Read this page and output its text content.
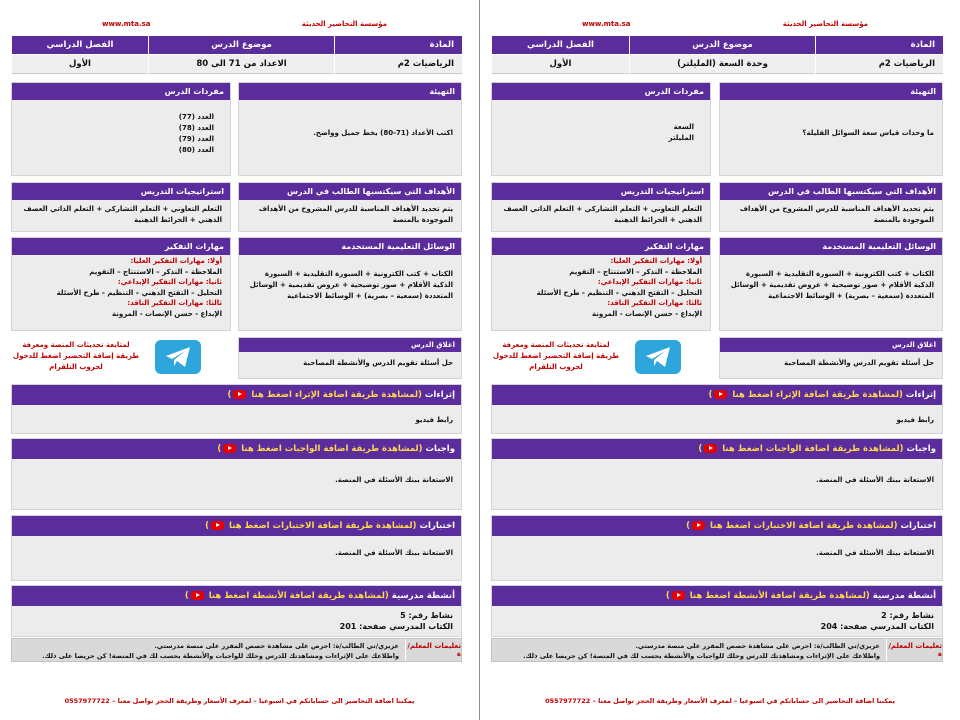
www.mta.sa	مؤسسة التحاضير الحديثة
المادة
موضوع الدرس
الفصل الدراسي
الرياضيات 2م
الاعداد من 71 الى 80
الأول
التهيئة
اكتب الأعداد (71-80) بخط جميل وواضح.
مفردات الدرس
العدد (77)
العدد (78)
العدد (79)
العدد (80)
الأهداف التي سيكتسبها الطالب في الدرس
يتم تحديد الأهداف المناسبة للدرس المشروح من الأهداف الموجودة بالمنصة
استراتيجيات التدريس
التعلم التعاوني + التعلم التشاركي + التعلم الذاتي العصف الذهني + الخرائط الذهنية
الوسائل التعليمية المستخدمة
الكتاب + كتب الكترونية + السبورة التقليدية + السبورة الذكية الأقلام + صور توضيحية + عروض تقديمية + الوسائل المتعددة (سمعية – بصرية) + الوسائط الاجتماعية
مهارات التفكير
أولا: مهارات التفكير العليا:
الملاحظة – التذكر – الاستنتاج – التقويم
ثانيا: مهارات التفكير الإبداعي:
التحليل – التفتح الذهني – التنظيم - طرح الأسئلة
ثالثا: مهارات التفكير الناقد:
الإبداع - حسن الإنصات - المرونة
اغلاق الدرس
حل أسئلة تقويم الدرس والأنشطة المصاحبة
لمتابعة تحديثات المنصة ومعرفة طريقة إضافة التحضير اضغط للدخول لجروب التلقرام
إثراءات (لمشاهدة طريقة اضافة الإثراء اضغط هنا )
رابط فيديو
واجبات (لمشاهدة طريقة اضافة الواجبات اضغط هنا )
الاستعانة ببنك الأسئلة في المنصة.
اختبارات (لمشاهدة طريقة اضافة الاختبارات اضغط هنا )
الاستعانة ببنك الأسئلة في المنصة.
أنشطة مدرسية (لمشاهدة طريقة اضافة الأنشطة اضغط هنا )
نشاط رقم: 5
الكتاب المدرسي صفحة: 201
تعليمات المعلم/ة
عزيزي/تي الطالب/ة: احرص على مشاهدة حصص المقرر على منصة مدرستي.
واطلاعك على الإثراءات ومشاهدتك للدرس وحلك للواجبات والأنشطة يحسب لك في المنصة! كن حريصا على ذلك.
يمكننا اضافة التحاضير الى حساباتكم في اسبوعيا – لمعرف الأسعار وطريقة الحجز تواصل معنا – 0557977722
www.mta.sa	مؤسسة التحاضير الحديثة
المادة
موضوع الدرس
الفصل الدراسي
الرياضيات 2م
وحدة السعة (المليلتر)
الأول
التهيئة
ما وحدات قياس سعة السوائل القليلة؟
مفردات الدرس
السعة
المليلتر
الأهداف التي سيكتسبها الطالب في الدرس
يتم تحديد الأهداف المناسبة للدرس المشروح من الأهداف الموجودة بالمنصة
استراتيجيات التدريس
التعلم التعاوني + التعلم التشاركي + التعلم الذاتي العصف الذهني + الخرائط الذهنية
الوسائل التعليمية المستخدمة
الكتاب + كتب الكترونية + السبورة التقليدية + السبورة الذكية الأقلام + صور توضيحية + عروض تقديمية + الوسائل المتعددة (سمعية – بصرية) + الوسائط الاجتماعية
مهارات التفكير
أولا: مهارات التفكير العليا:
الملاحظة – التذكر – الاستنتاج – التقويم
ثانيا: مهارات التفكير الإبداعي:
التحليل – التفتح الذهني – التنظيم - طرح الأسئلة
ثالثا: مهارات التفكير الناقد:
الإبداع - حسن الإنصات - المرونة
اغلاق الدرس
حل أسئلة تقويم الدرس والأنشطة المصاحبة
لمتابعة تحديثات المنصة ومعرفة طريقة إضافة التحضير اضغط للدخول لجروب التلقرام
إثراءات (لمشاهدة طريقة اضافة الإثراء اضغط هنا )
رابط فيديو
واجبات (لمشاهدة طريقة اضافة الواجبات اضغط هنا )
الاستعانة ببنك الأسئلة في المنصة.
اختبارات (لمشاهدة طريقة اضافة الاختبارات اضغط هنا )
الاستعانة ببنك الأسئلة في المنصة.
أنشطة مدرسية (لمشاهدة طريقة اضافة الأنشطة اضغط هنا )
نشاط رقم: 2
الكتاب المدرسي صفحة: 204
تعليمات المعلم/ة
عزيزي/تي الطالب/ة: احرص على مشاهدة حصص المقرر على منصة مدرستي.
واطلاعك على الإثراءات ومشاهدتك للدرس وحلك للواجبات والأنشطة يحسب لك في المنصة! كن حريصا على ذلك.
يمكننا اضافة التحاضير الى حساباتكم في اسبوعيا – لمعرف الأسعار وطريقة الحجز تواصل معنا – 0557977722
